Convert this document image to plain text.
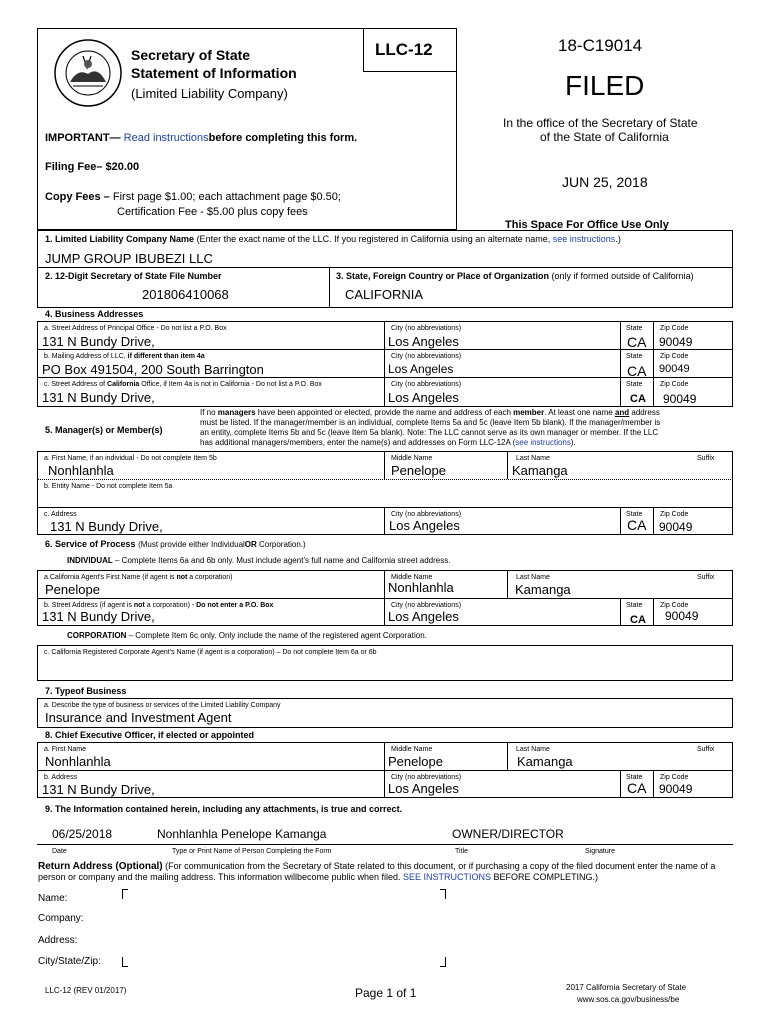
Secretary of State
Statement of Information
(Limited Liability Company)
LLC-12
IMPORTANT— Read instructionsbefore completing this form.
Filing Fee– $20.00
Copy Fees – First page $1.00; each attachment page $0.50;
Certification Fee - $5.00 plus copy fees
18-C19014
FILED
In the office of the Secretary of State
of the State of California
JUN 25, 2018
This Space For Office Use Only
1. Limited Liability Company Name (Enter the exact name of the LLC. If you registered in California using an alternate name, see instructions.)
JUMP GROUP IBUBEZI LLC
2. 12-Digit Secretary of State File Number
201806410068
3. State, Foreign Country or Place of Organization (only if formed outside of California)
CALIFORNIA
4. Business Addresses
a. Street Address of Principal Office - Do not list a P.O. Box	City (no abbreviations)	State	Zip Code
131 N Bundy Drive,	Los Angeles	CA 90049
b. Mailing Address of LLC, if different than item 4a	City (no abbreviations)	State	Zip Code
PO Box 491504, 200 South Barrington	Los Angeles	CA 90049
c. Street Address of California Office, if Item 4a is not in California - Do not list a P.O. Box	City (no abbreviations)	State	Zip Code
131 N Bundy Drive,	Los Angeles	CA 90049
5. Manager(s) or Member(s)
If no managers have been appointed or elected, provide the name and address of each member. At least one name and address
must be listed. If the manager/member is an individual, complete Items 5a and 5c (leave Item 5b blank). If the manager/member is
an entity, complete Items 5b and 5c (leave Item 5a blank). Note: The LLC cannot serve as its own manager or member. If the LLC
has additional managers/members, enter the name(s) and addresses on Form LLC-12A (see instructions).
a. First Name, if an individual - Do not complete Item 5b	Middle Name	Last Name	Suffix
Nonhlanhla	Penelope	Kamanga
b. Entity Name - Do not complete Item 5a
c. Address	City (no abbreviations)	State	Zip Code
131 N Bundy Drive,	Los Angeles	CA 90049
6. Service of Process (Must provide either IndividualOR Corporation.)
INDIVIDUAL – Complete Items 6a and 6b only. Must include agent’s full name and California street address.
a.California Agent's First Name (if agent is not a corporation)	Middle Name	Last Name	Suffix
Penelope	Nonhlanhla	Kamanga
b. Street Address (if agent is not a corporation) - Do not enter a P.O. Box	City (no abbreviations)	State	Zip Code
131 N Bundy Drive,	Los Angeles	CA 90049
CORPORATION – Complete Item 6c only. Only include the name of the registered agent Corporation.
c. California Registered Corporate Agent’s Name (if agent is a corporation) – Do not complete Item 6a or 6b
7. Typeof Business
a. Describe the type of business or services of the Limited Liability Company
Insurance and Investment Agent
8. Chief Executive Officer, if elected or appointed
a. First Name	Middle Name	Last Name	Suffix
Nonhlanhla	Penelope	Kamanga
b. Address	City (no abbreviations)	State	Zip Code
131 N Bundy Drive,	Los Angeles	CA 90049
9. The Information contained herein, including any attachments, is true and correct.
06/25/2018	Nonhlanhla Penelope Kamanga	OWNER/DIRECTOR
Date	Type or Print Name of Person Completing the Form	Title	Signature
Return Address (Optional) (For communication from the Secretary of State related to this document, or if purchasing a copy of the filed document enter the name of a
person or company and the mailing address. This information willbecome public when filed. SEE INSTRUCTIONS BEFORE COMPLETING.)
Name:
Company:
Address:
City/State/Zip:
LLC-12 (REV 01/2017)	Page 1 of 1	2017 California Secretary of State
www.sos.ca.gov/business/be
